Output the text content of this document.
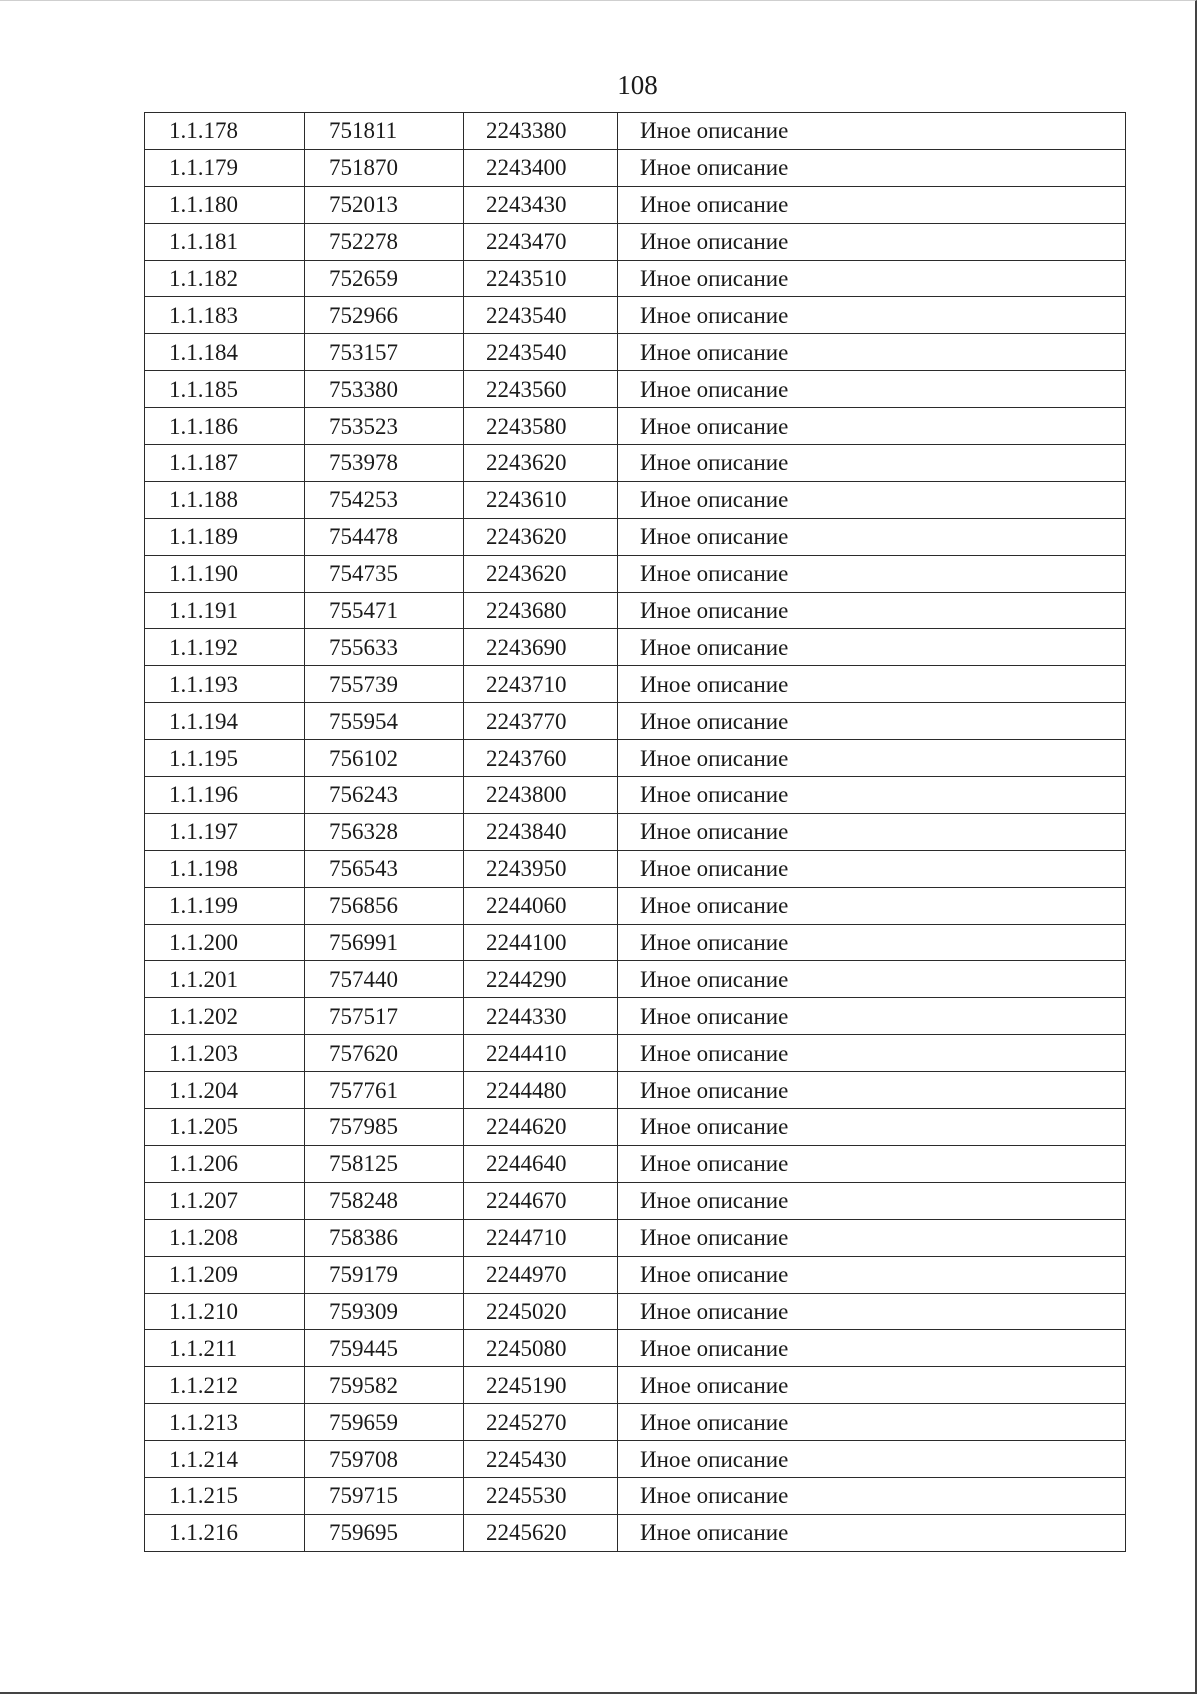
108
1.1.178	751811	2243380	Иное описание
1.1.179	751870	2243400	Иное описание
1.1.180	752013	2243430	Иное описание
1.1.181	752278	2243470	Иное описание
1.1.182	752659	2243510	Иное описание
1.1.183	752966	2243540	Иное описание
1.1.184	753157	2243540	Иное описание
1.1.185	753380	2243560	Иное описание
1.1.186	753523	2243580	Иное описание
1.1.187	753978	2243620	Иное описание
1.1.188	754253	2243610	Иное описание
1.1.189	754478	2243620	Иное описание
1.1.190	754735	2243620	Иное описание
1.1.191	755471	2243680	Иное описание
1.1.192	755633	2243690	Иное описание
1.1.193	755739	2243710	Иное описание
1.1.194	755954	2243770	Иное описание
1.1.195	756102	2243760	Иное описание
1.1.196	756243	2243800	Иное описание
1.1.197	756328	2243840	Иное описание
1.1.198	756543	2243950	Иное описание
1.1.199	756856	2244060	Иное описание
1.1.200	756991	2244100	Иное описание
1.1.201	757440	2244290	Иное описание
1.1.202	757517	2244330	Иное описание
1.1.203	757620	2244410	Иное описание
1.1.204	757761	2244480	Иное описание
1.1.205	757985	2244620	Иное описание
1.1.206	758125	2244640	Иное описание
1.1.207	758248	2244670	Иное описание
1.1.208	758386	2244710	Иное описание
1.1.209	759179	2244970	Иное описание
1.1.210	759309	2245020	Иное описание
1.1.211	759445	2245080	Иное описание
1.1.212	759582	2245190	Иное описание
1.1.213	759659	2245270	Иное описание
1.1.214	759708	2245430	Иное описание
1.1.215	759715	2245530	Иное описание
1.1.216	759695	2245620	Иное описание
